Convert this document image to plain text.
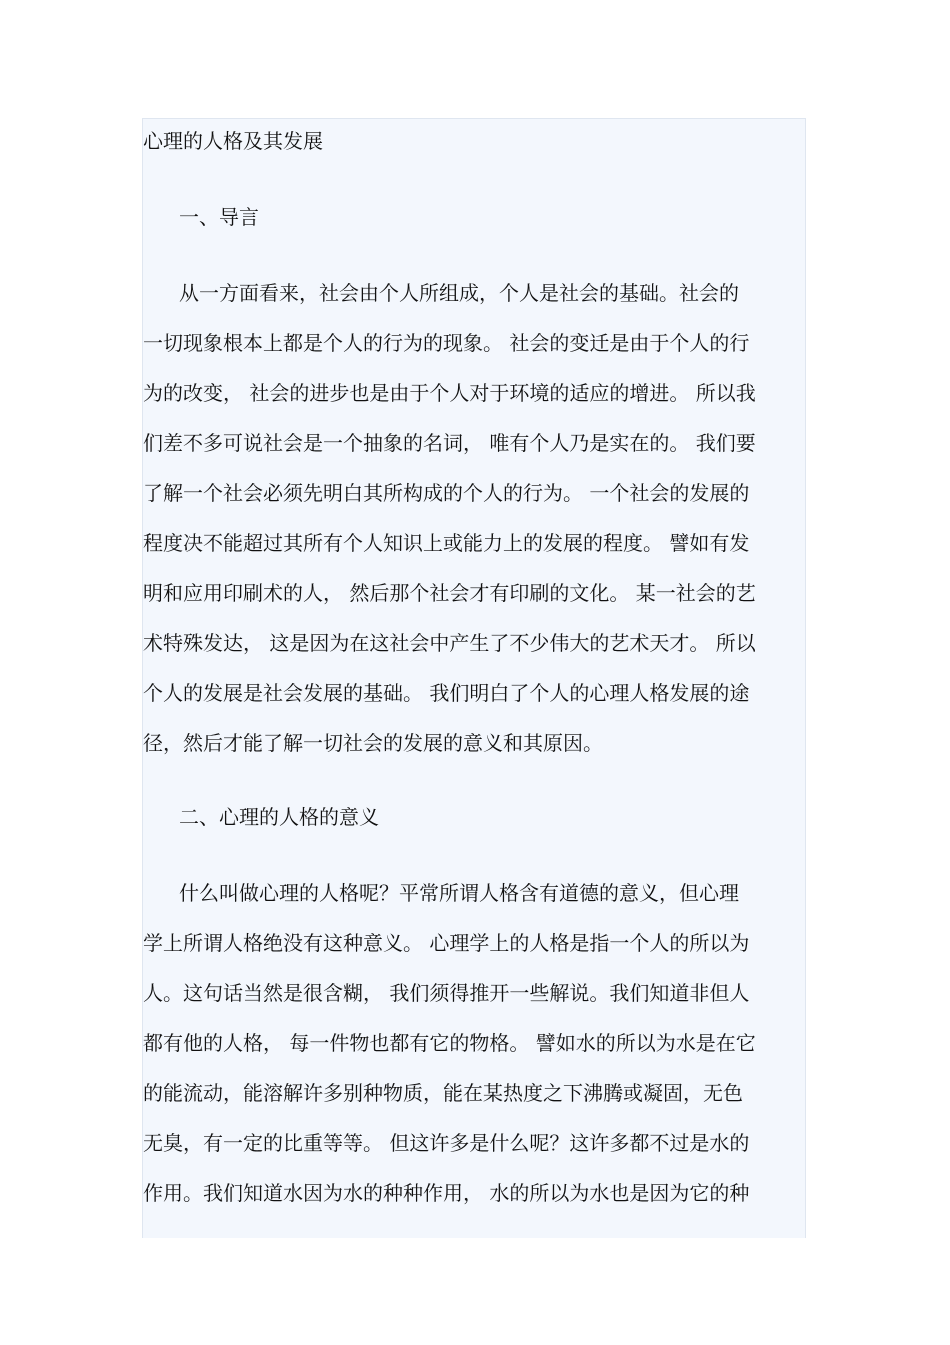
心理的人格及其发展
一、导言
从一方面看来，社会由个人所组成，个人是社会的基础。社会的
一切现象根本上都是个人的行为的现象。 社会的变迁是由于个人的行
为的改变， 社会的进步也是由于个人对于环境的适应的增进。 所以我
们差不多可说社会是一个抽象的名词， 唯有个人乃是实在的。 我们要
了解一个社会必须先明白其所构成的个人的行为。 一个社会的发展的
程度决不能超过其所有个人知识上或能力上的发展的程度。 譬如有发
明和应用印刷术的人， 然后那个社会才有印刷的文化。 某一社会的艺
术特殊发达， 这是因为在这社会中产生了不少伟大的艺术天才。 所以
个人的发展是社会发展的基础。 我们明白了个人的心理人格发展的途
径，然后才能了解一切社会的发展的意义和其原因。
二、心理的人格的意义
什么叫做心理的人格呢？平常所谓人格含有道德的意义，但心理
学上所谓人格绝没有这种意义。 心理学上的人格是指一个人的所以为
人。这句话当然是很含糊， 我们须得推开一些解说。我们知道非但人
都有他的人格， 每一件物也都有它的物格。 譬如水的所以为水是在它
的能流动，能溶解许多别种物质，能在某热度之下沸腾或凝固，无色
无臭，有一定的比重等等。 但这许多是什么呢？这许多都不过是水的
作用。我们知道水因为水的种种作用， 水的所以为水也是因为它的种
